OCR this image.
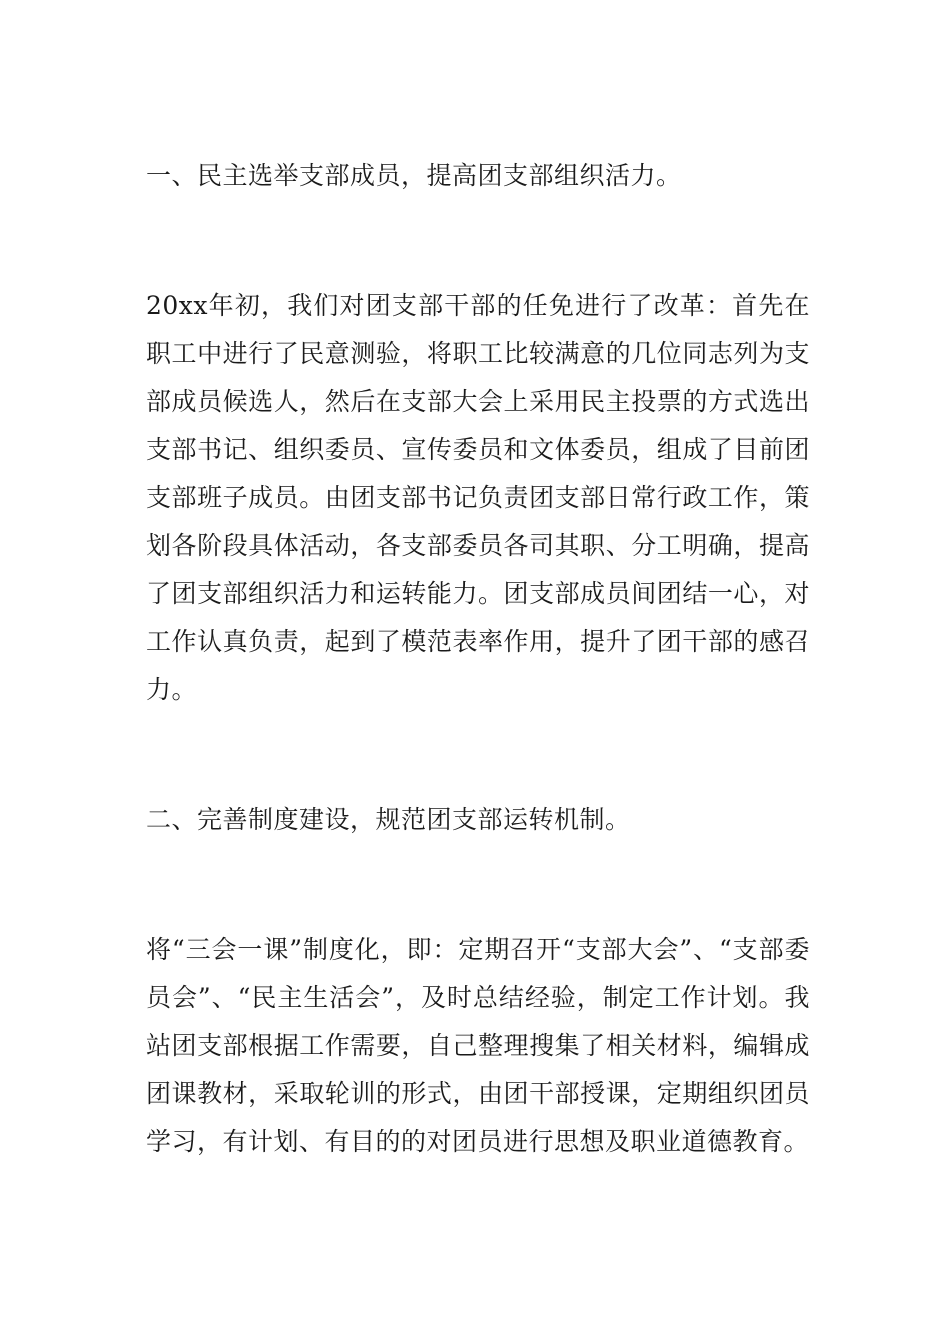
一、民主选举支部成员，提高团支部组织活力。

20xx年初，我们对团支部干部的任免进行了改革：首先在职工中进行了民意测验，将职工比较满意的几位同志列为支部成员候选人，然后在支部大会上采用民主投票的方式选出支部书记、组织委员、宣传委员和文体委员，组成了目前团支部班子成员。由团支部书记负责团支部日常行政工作，策划各阶段具体活动，各支部委员各司其职、分工明确，提高了团支部组织活力和运转能力。团支部成员间团结一心，对工作认真负责，起到了模范表率作用，提升了团干部的感召力。

二、完善制度建设，规范团支部运转机制。

将“三会一课”制度化，即：定期召开“支部大会”、“支部委员会”、“民主生活会”，及时总结经验，制定工作计划。我站团支部根据工作需要，自己整理搜集了相关材料，编辑成团课教材，采取轮训的形式，由团干部授课，定期组织团员学习，有计划、有目的的对团员进行思想及职业道德教育。
